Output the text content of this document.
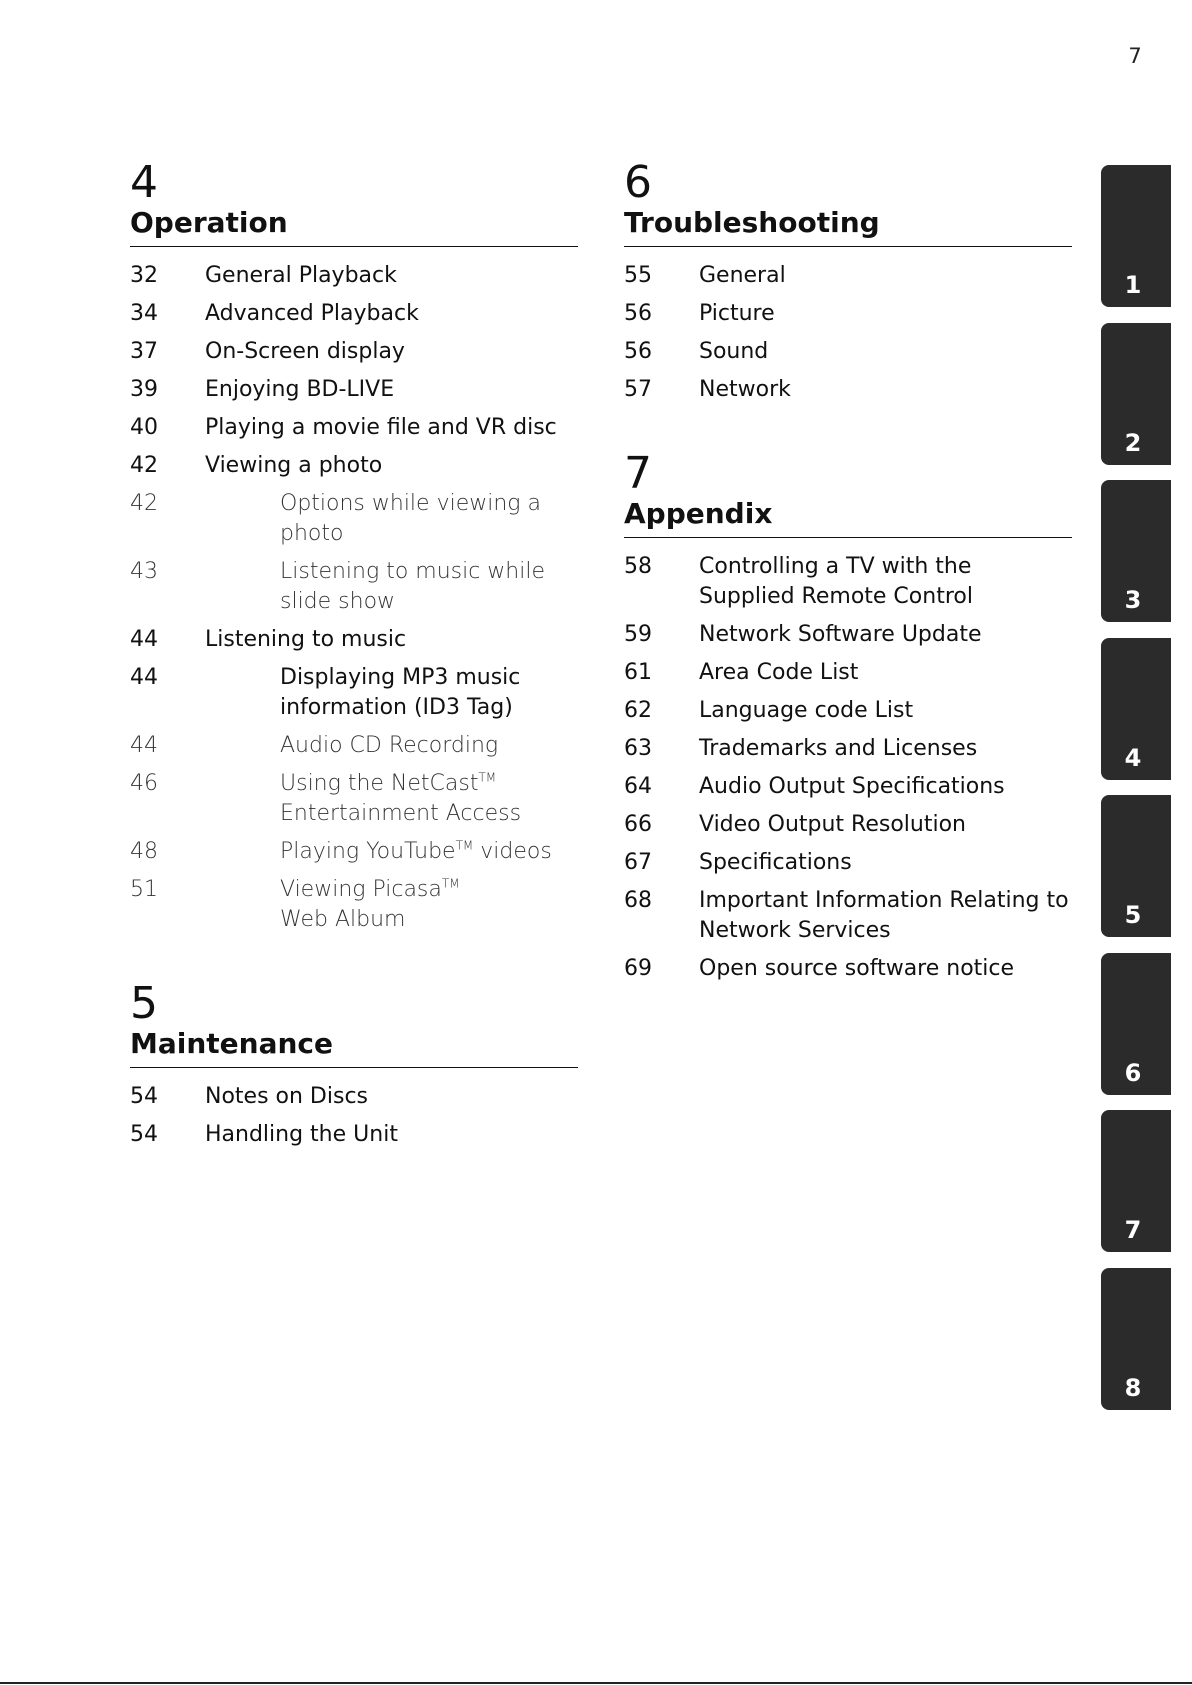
7
4
Operation
32	General Playback
34	Advanced Playback
37	On-Screen display
39	Enjoying BD-LIVE
40	Playing a movie file and VR disc
42	Viewing a photo
42	Options while viewing a photo
43	Listening to music while slide show
44	Listening to music
44	Displaying MP3 music information (ID3 Tag)
44	Audio CD Recording
46	Using the NetCast™
Entertainment Access
48	Playing YouTube™ videos
51	Viewing Picasa™
Web Album
5
Maintenance
54	Notes on Discs
54	Handling the Unit
6
Troubleshooting
55	General
56	Picture
56	Sound
57	Network
7
Appendix
58	Controlling a TV with the Supplied Remote Control
59	Network Software Update
61	Area Code List
62	Language code List
63	Trademarks and Licenses
64	Audio Output Specifications
66	Video Output Resolution
67	Specifications
68	Important Information Relating to Network Services
69	Open source software notice
1
2
3
4
5
6
7
8
